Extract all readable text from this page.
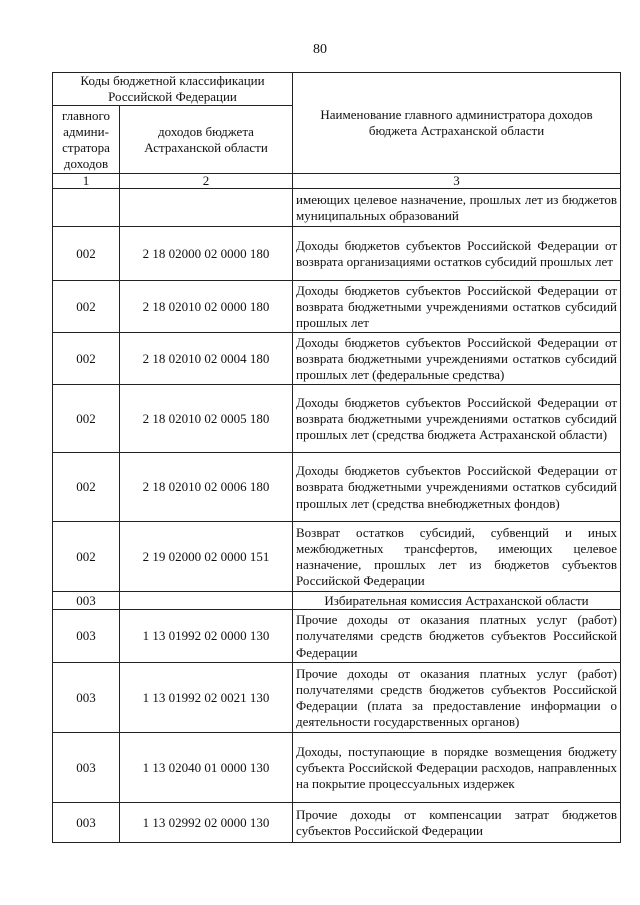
80
Коды бюджетной классификации Российской Федерации		Наименование главного администратора доходов бюджета Астраханской области
главного админи-стратора доходов	доходов бюджета Астраханской области	
1	2	3
		имеющих целевое назначение, прошлых лет из бюджетов муниципальных образований
002	2 18 02000 02 0000 180	Доходы бюджетов субъектов Российской Федерации от возврата организациями остатков субсидий прошлых лет
002	2 18 02010 02 0000 180	Доходы бюджетов субъектов Российской Федерации от возврата бюджетными учреждениями остатков субсидий прошлых лет
002	2 18 02010 02 0004 180	Доходы бюджетов субъектов Российской Федерации от возврата бюджетными учреждениями остатков субсидий прошлых лет (федеральные средства)
002	2 18 02010 02 0005 180	Доходы бюджетов субъектов Российской Федерации от возврата бюджетными учреждениями остатков субсидий прошлых лет (средства бюджета Астраханской области)
002	2 18 02010 02 0006 180	Доходы бюджетов субъектов Российской Федерации от возврата бюджетными учреждениями остатков субсидий прошлых лет (средства внебюджетных фондов)
002	2 19 02000 02 0000 151	Возврат остатков субсидий, субвенций и иных межбюджетных трансфертов, имеющих целевое назначение, прошлых лет из бюджетов субъектов Российской Федерации
003		Избирательная комиссия Астраханской области
003	1 13 01992 02 0000 130	Прочие доходы от оказания платных услуг (работ) получателями средств бюджетов субъектов Российской Федерации
003	1 13 01992 02 0021 130	Прочие доходы от оказания платных услуг (работ) получателями средств бюджетов субъектов Российской Федерации (плата за предоставление информации о деятельности государственных органов)
003	1 13 02040 01 0000 130	Доходы, поступающие в порядке возмещения бюджету субъекта Российской Федерации расходов, направленных на покрытие процессуальных издержек
003	1 13 02992 02 0000 130	Прочие доходы от компенсации затрат бюджетов субъектов Российской Федерации
